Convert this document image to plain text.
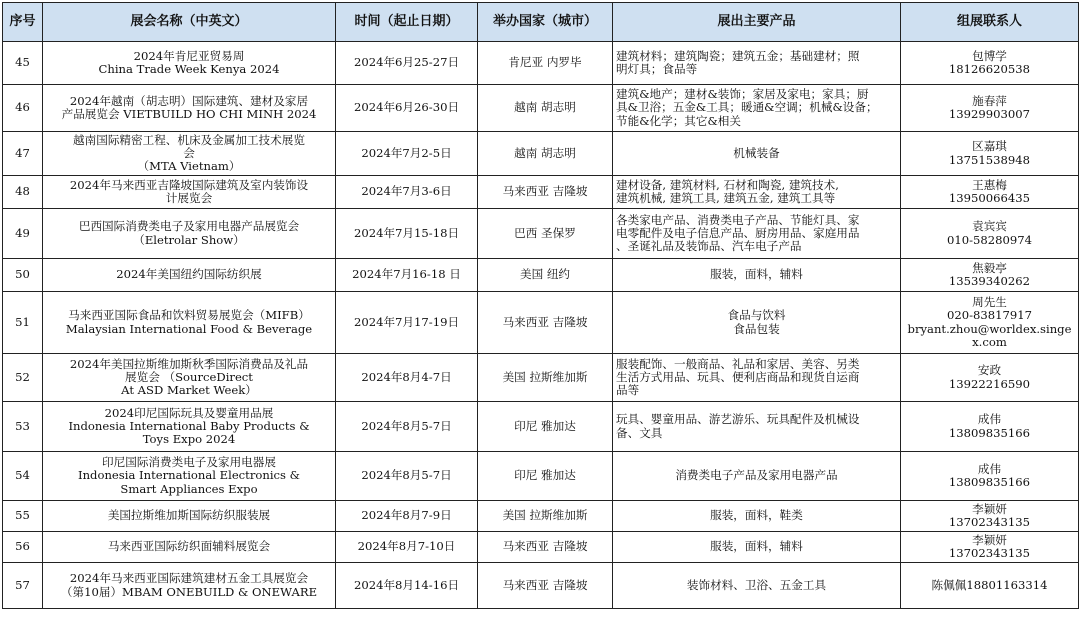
序号	展会名称（中英文）	时间（起止日期）	举办国家（城市）	展出主要产品	组展联系人
45	2024年肯尼亚贸易周
China Trade Week Kenya 2024	2024年6月25-27日	肯尼亚 内罗毕	建筑材料；建筑陶瓷；建筑五金；基础建材；照
明灯具；食品等	包博学
18126620538

46	2024年越南（胡志明）国际建筑、建材及家居
产品展览会 VIETBUILD HO CHI MINH 2024	2024年6月26-30日	越南 胡志明	建筑&地产；建材&装饰；家居及家电；家具；厨
具&卫浴；五金&工具；暖通&空调；机械&设备；
节能&化学；其它&相关	施春萍
13929903007

47	越南国际精密工程、机床及金属加工技术展览
会
（MTA Vietnam）	2024年7月2-5日	越南 胡志明	机械装备	区嘉琪
13751538948

48	2024年马来西亚吉隆坡国际建筑及室内装饰设
计展览会	2024年7月3-6日	马来西亚 吉隆坡	建材设备, 建筑材料, 石材和陶瓷, 建筑技术,
建筑机械, 建筑工具, 建筑五金, 建筑工具等	王惠梅
13950066435

49	巴西国际消费类电子及家用电器产品展览会
（Eletrolar Show）	2024年7月15-18日	巴西 圣保罗	各类家电产品、消费类电子产品、节能灯具、家
电零配件及电子信息产品、厨房用品、家庭用品
、圣诞礼品及装饰品、汽车电子产品	袁宾宾
010-58280974

50	2024年美国纽约国际纺织展	2024年7月16-18 日	美国 纽约	服装，面料，辅料	焦毅亭
13539340262

51	马来西亚国际食品和饮料贸易展览会（MIFB）
Malaysian International Food & Beverage	2024年7月17-19日	马来西亚 吉隆坡	食品与饮料
食品包装	周先生
020-83817917
bryant.zhou@worldex.singe
x.com

52	2024年美国拉斯维加斯秋季国际消费品及礼品
展览会 （SourceDirect
At ASD Market Week）	2024年8月4-7日	美国 拉斯维加斯	服装配饰、一般商品、礼品和家居、美容、另类
生活方式用品、玩具、便利店商品和现货自运商
品等	安政
13922216590

53	2024印尼国际玩具及婴童用品展
Indonesia International Baby Products &
Toys Expo 2024	2024年8月5-7日	印尼 雅加达	玩具、婴童用品、游艺游乐、玩具配件及机械设
备、文具	成伟
13809835166

54	印尼国际消费类电子及家用电器展
Indonesia International Electronics &
Smart Appliances Expo	2024年8月5-7日	印尼 雅加达	消费类电子产品及家用电器产品	成伟
13809835166

55	美国拉斯维加斯国际纺织服装展	2024年8月7-9日	美国 拉斯维加斯	服装，面料，鞋类	李颖妍
13702343135

56	马来西亚国际纺织面辅料展览会	2024年8月7-10日	马来西亚 吉隆坡	服装，面料，辅料	李颖妍
13702343135

57	2024年马来西亚国际建筑建材五金工具展览会
（第10届）MBAM ONEBUILD & ONEWARE	2024年8月14-16日	马来西亚 吉隆坡	装饰材料、卫浴、五金工具	陈佩佩18801163314
